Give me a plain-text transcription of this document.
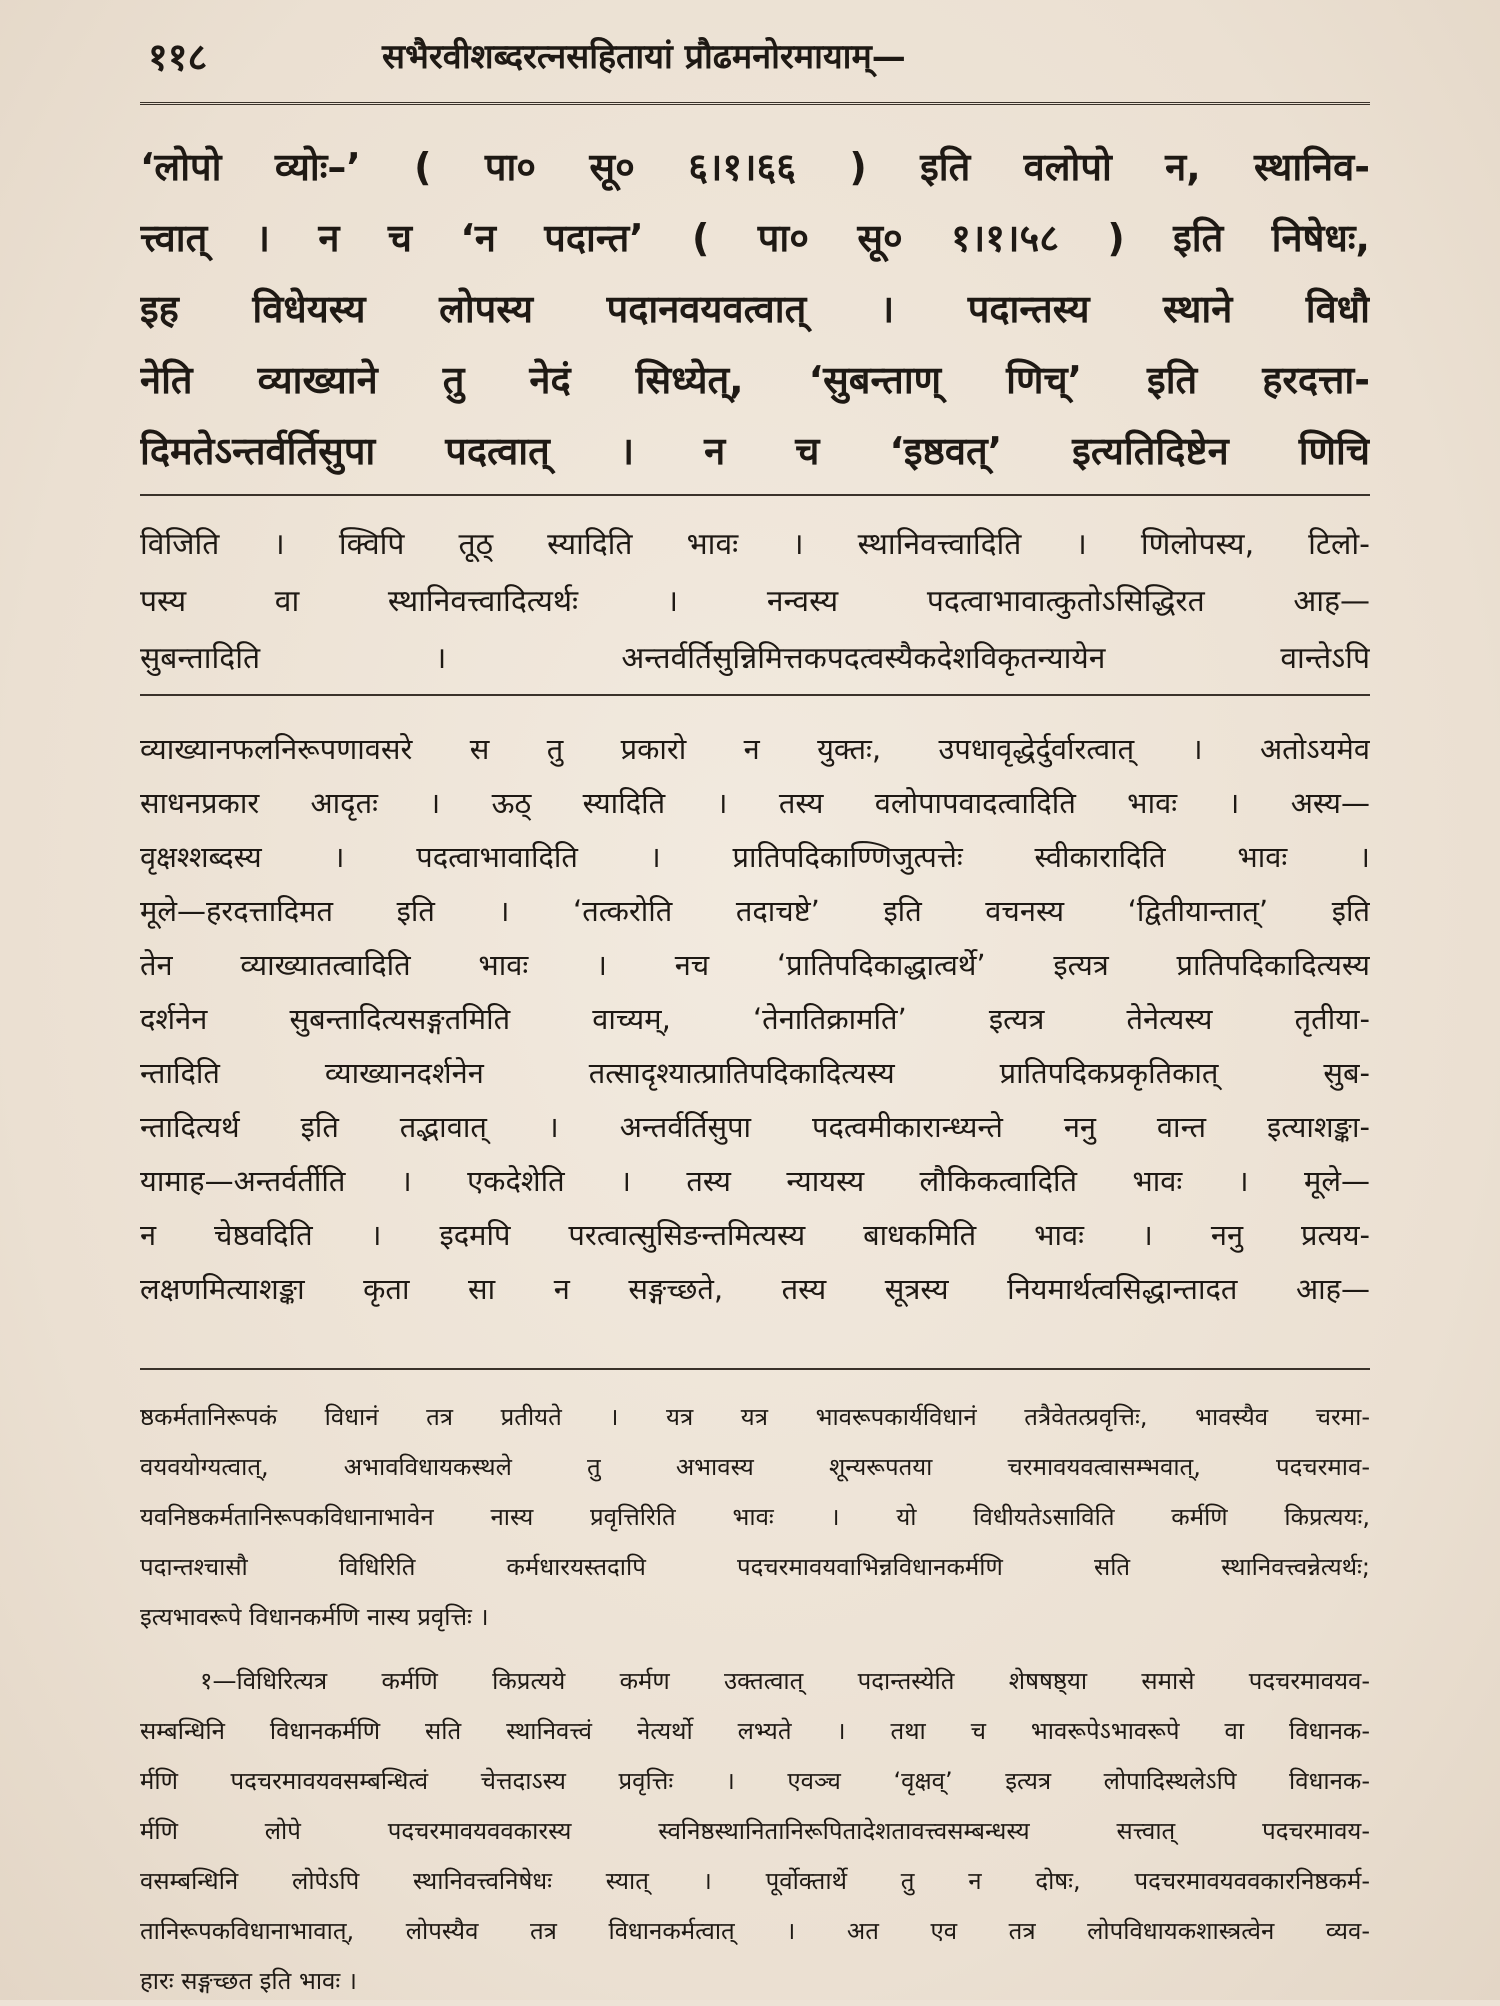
११८	सभैरवीशब्दरत्नसहितायां प्रौढमनोरमायाम्—
‘लोपो व्योः–’ ( पा० सू० ६।१।६६ ) इति वलोपो न, स्थानिव-
त्त्वात् । न च ‘न पदान्त’ ( पा० सू० १।१।५८ ) इति निषेधः,
इह विधेयस्य लोपस्य पदानवयवत्वात् । पदान्तस्य स्थाने विधौ
नेति व्याख्याने तु नेदं सिध्येत्, ‘सुबन्ताण् णिच्’ इति हरदत्ता-
दिमतेऽन्तर्वर्तिसुपा पदत्वात् । न च ‘इष्ठवत्’ इत्यतिदिष्टेन णिचि
विजिति । क्विपि तूठ् स्यादिति भावः । स्थानिवत्त्वादिति । णिलोपस्य, टिलो-
पस्य वा स्थानिवत्त्वादित्यर्थः । नन्वस्य पदत्वाभावात्कुतोऽसिद्धिरत आह—
सुबन्तादिति । अन्तर्वर्तिसुन्निमित्तकपदत्वस्यैकदेशविकृतन्यायेन वान्तेऽपि
व्याख्यानफलनिरूपणावसरे स तु प्रकारो न युक्तः, उपधावृद्धेर्दुर्वारत्वात् । अतोऽयमेव
साधनप्रकार आदृतः । ऊठ् स्यादिति । तस्य वलोपापवादत्वादिति भावः । अस्य—
वृक्षश्शब्दस्य । पदत्वाभावादिति । प्रातिपदिकाण्णिजुत्पत्तेः स्वीकारादिति भावः ।
मूले—हरदत्तादिमत इति । ‘तत्करोति तदाचष्टे’ इति वचनस्य ‘द्वितीयान्तात्’ इति
तेन व्याख्यातत्वादिति भावः । नच ‘प्रातिपदिकाद्धात्वर्थे’ इत्यत्र प्रातिपदिकादित्यस्य
दर्शनेन सुबन्तादित्यसङ्गतमिति वाच्यम्, ‘तेनातिक्रामति’ इत्यत्र तेनेत्यस्य तृतीया-
न्तादिति व्याख्यानदर्शनेन तत्सादृश्यात्प्रातिपदिकादित्यस्य प्रातिपदिकप्रकृतिकात् सुब-
न्तादित्यर्थ इति तद्भावात् । अन्तर्वर्तिसुपा पदत्वमीकारान्ध्यन्ते ननु वान्त इत्याशङ्का-
यामाह—अन्तर्वर्तीति । एकदेशेति । तस्य न्यायस्य लौकिकत्वादिति भावः । मूले—
न चेष्ठवदिति । इदमपि परत्वात्सुसिङन्तमित्यस्य बाधकमिति भावः । ननु प्रत्यय-
लक्षणमित्याशङ्का कृता सा न सङ्गच्छते, तस्य सूत्रस्य नियमार्थत्वसिद्धान्तादत आह—
ष्ठकर्मतानिरूपकं विधानं तत्र प्रतीयते । यत्र यत्र भावरूपकार्यविधानं तत्रैवेतत्प्रवृत्तिः, भावस्यैव चरमा-
वयवयोग्यत्वात्, अभावविधायकस्थले तु अभावस्य शून्यरूपतया चरमावयवत्वासम्भवात्, पदचरमाव-
यवनिष्ठकर्मतानिरूपकविधानाभावेन नास्य प्रवृत्तिरिति भावः । यो विधीयतेऽसाविति कर्मणि किप्रत्ययः,
पदान्तश्चासौ विधिरिति कर्मधारयस्तदापि पदचरमावयवाभिन्नविधानकर्मणि सति स्थानिवत्त्वन्नेत्यर्थः;
इत्यभावरूपे विधानकर्मणि नास्य प्रवृत्तिः ।
१—विधिरित्यत्र कर्मणि किप्रत्यये कर्मण उक्तत्वात् पदान्तस्येति शेषषष्ठ्या समासे पदचरमावयव-
सम्बन्धिनि विधानकर्मणि सति स्थानिवत्त्वं नेत्यर्थो लभ्यते । तथा च भावरूपेऽभावरूपे वा विधानक-
र्मणि पदचरमावयवसम्बन्धित्वं चेत्तदाऽस्य प्रवृत्तिः । एवञ्च ‘वृक्षव्’ इत्यत्र लोपादिस्थलेऽपि विधानक-
र्मणि लोपे पदचरमावयववकारस्य स्वनिष्ठस्थानितानिरूपितादेशतावत्त्वसम्बन्धस्य सत्त्वात् पदचरमावय-
वसम्बन्धिनि लोपेऽपि स्थानिवत्त्वनिषेधः स्यात् । पूर्वोक्तार्थे तु न दोषः, पदचरमावयववकारनिष्ठकर्म-
तानिरूपकविधानाभावात्, लोपस्यैव तत्र विधानकर्मत्वात् । अत एव तत्र लोपविधायकशास्त्रत्वेन व्यव-
हारः सङ्गच्छत इति भावः ।
